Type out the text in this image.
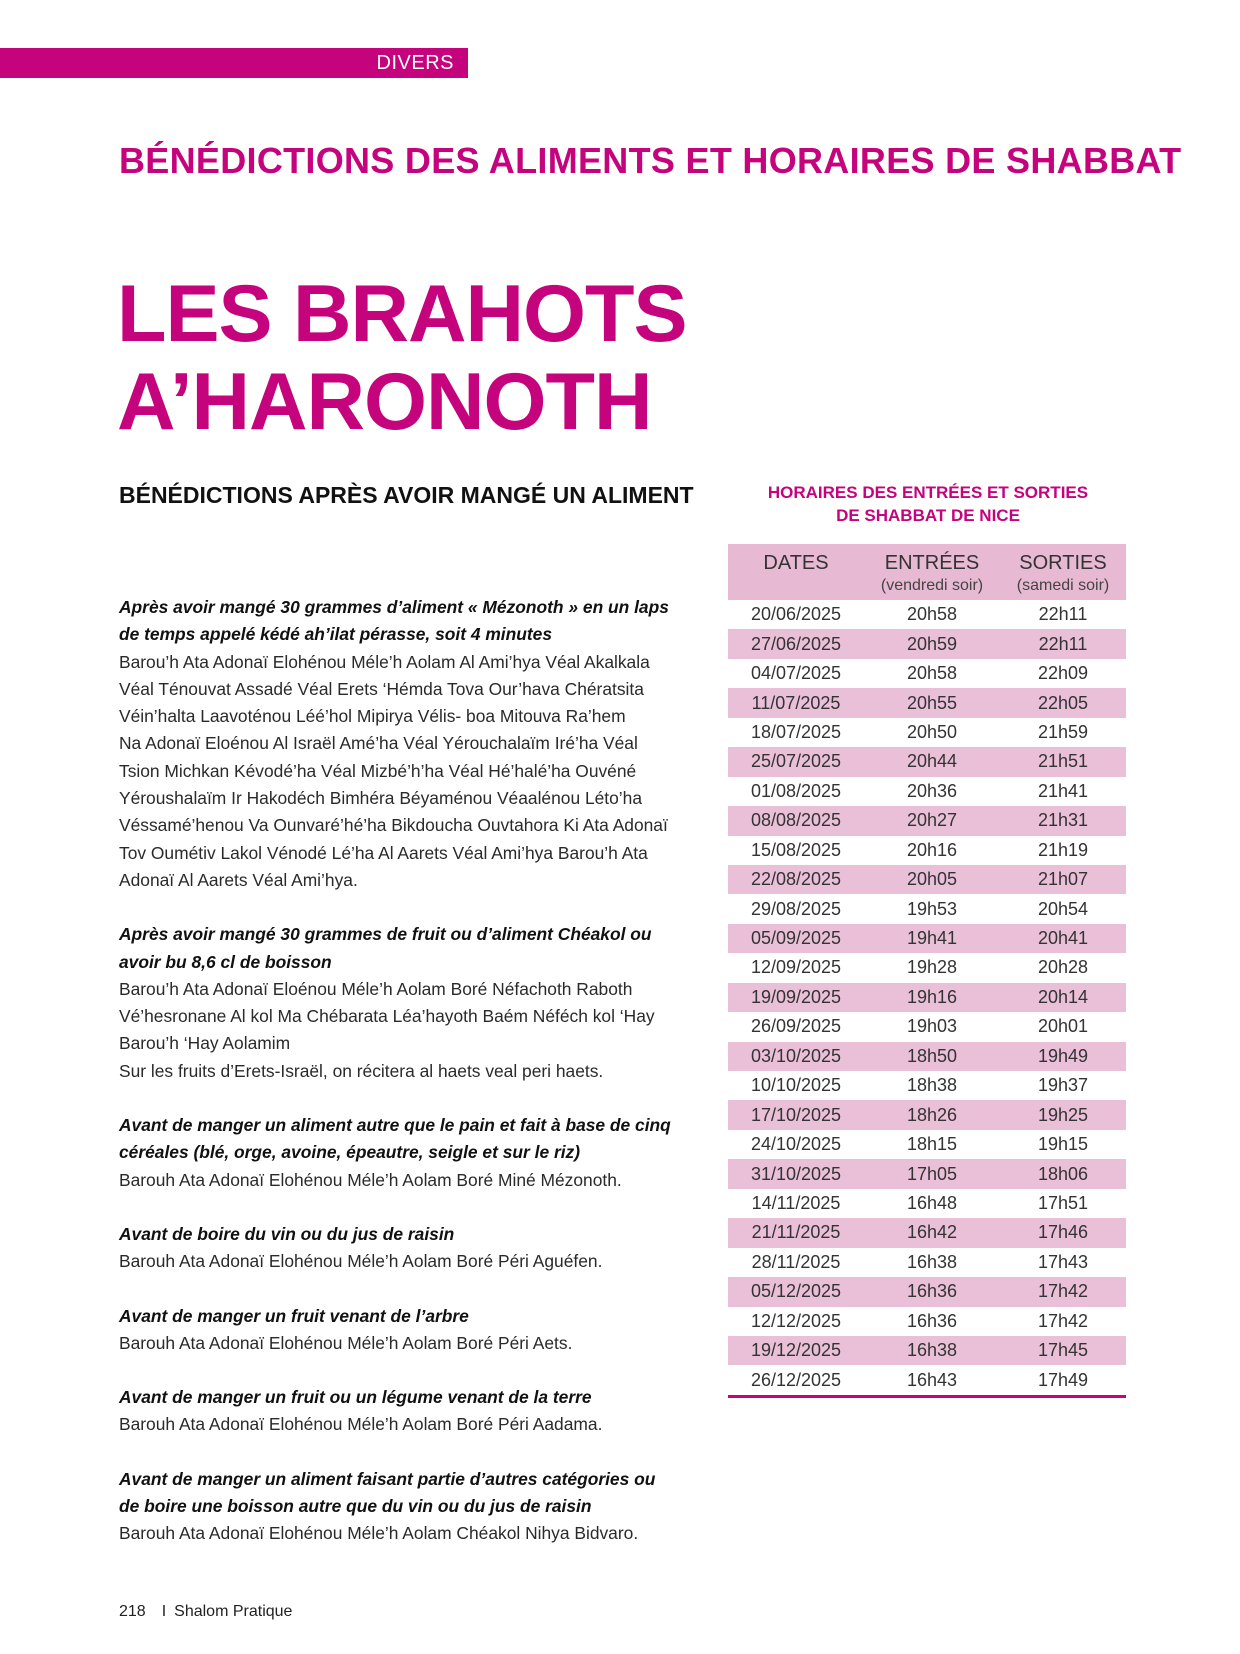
DIVERS
BÉNÉDICTIONS DES ALIMENTS ET HORAIRES DE SHABBAT
LES BRAHOTS
A’HARONOTH
BÉNÉDICTIONS APRÈS AVOIR MANGÉ UN ALIMENT
Après avoir mangé 30 grammes d’aliment « Mézonoth » en un laps
de temps appelé kédé ah’ilat pérasse, soit 4 minutes
Barou’h Ata Adonaï Elohénou Méle’h Aolam Al Ami’hya Véal Akalkala
Véal Ténouvat Assadé Véal Erets ‘Hémda Tova Our’hava Chératsita
Véin’halta Laavoténou Léé’hol Mipirya Vélis- boa Mitouva Ra’hem
Na Adonaï Eloénou Al Israël Amé’ha Véal Yérouchalaïm Iré’ha Véal
Tsion Michkan Kévodé’ha Véal Mizbé’h’ha Véal Hé’halé’ha Ouvéné
Yéroushalaïm Ir Hakodéch Bimhéra Béyaménou Véaalénou Léto’ha
Véssamé’henou Va Ounvaré’hé’ha Bikdoucha Ouvtahora Ki Ata Adonaï
Tov Oumétiv Lakol Vénodé Lé’ha Al Aarets Véal Ami’hya Barou’h Ata
Adonaï Al Aarets Véal Ami’hya.
Après avoir mangé 30 grammes de fruit ou d’aliment Chéakol ou
avoir bu 8,6 cl de boisson
Barou’h Ata Adonaï Eloénou Méle’h Aolam Boré Néfachoth Raboth
Vé’hesronane Al kol Ma Chébarata Léa’hayoth Baém Néféch kol ‘Hay
Barou’h ‘Hay Aolamim
Sur les fruits d’Erets-Israël, on récitera al haets veal peri haets.
Avant de manger un aliment autre que le pain et fait à base de cinq
céréales (blé, orge, avoine, épeautre, seigle et sur le riz)
Barouh Ata Adonaï Elohénou Méle’h Aolam Boré Miné Mézonoth.
Avant de boire du vin ou du jus de raisin
Barouh Ata Adonaï Elohénou Méle’h Aolam Boré Péri Aguéfen.
Avant de manger un fruit venant de l’arbre
Barouh Ata Adonaï Elohénou Méle’h Aolam Boré Péri Aets.
Avant de manger un fruit ou un légume venant de la terre
Barouh Ata Adonaï Elohénou Méle’h Aolam Boré Péri Aadama.
Avant de manger un aliment faisant partie d’autres catégories ou
de boire une boisson autre que du vin ou du jus de raisin
Barouh Ata Adonaï Elohénou Méle’h Aolam Chéakol Nihya Bidvaro.
HORAIRES DES ENTRÉES ET SORTIES
DE SHABBAT DE NICE
DATES	ENTRÉES
(vendredi soir)
SORTIES
(samedi soir)
20/06/2025	20h58	22h11
27/06/2025	20h59	22h11
04/07/2025	20h58	22h09
11/07/2025	20h55	22h05
18/07/2025	20h50	21h59
25/07/2025	20h44	21h51
01/08/2025	20h36	21h41
08/08/2025	20h27	21h31
15/08/2025	20h16	21h19
22/08/2025	20h05	21h07
29/08/2025	19h53	20h54
05/09/2025	19h41	20h41
12/09/2025	19h28	20h28
19/09/2025	19h16	20h14
26/09/2025	19h03	20h01
03/10/2025	18h50	19h49
10/10/2025	18h38	19h37
17/10/2025	18h26	19h25
24/10/2025	18h15	19h15
31/10/2025	17h05	18h06
14/11/2025	16h48	17h51
21/11/2025	16h42	17h46
28/11/2025	16h38	17h43
05/12/2025	16h36	17h42
12/12/2025	16h36	17h42
19/12/2025	16h38	17h45
26/12/2025	16h43	17h49
218 I Shalom Pratique
